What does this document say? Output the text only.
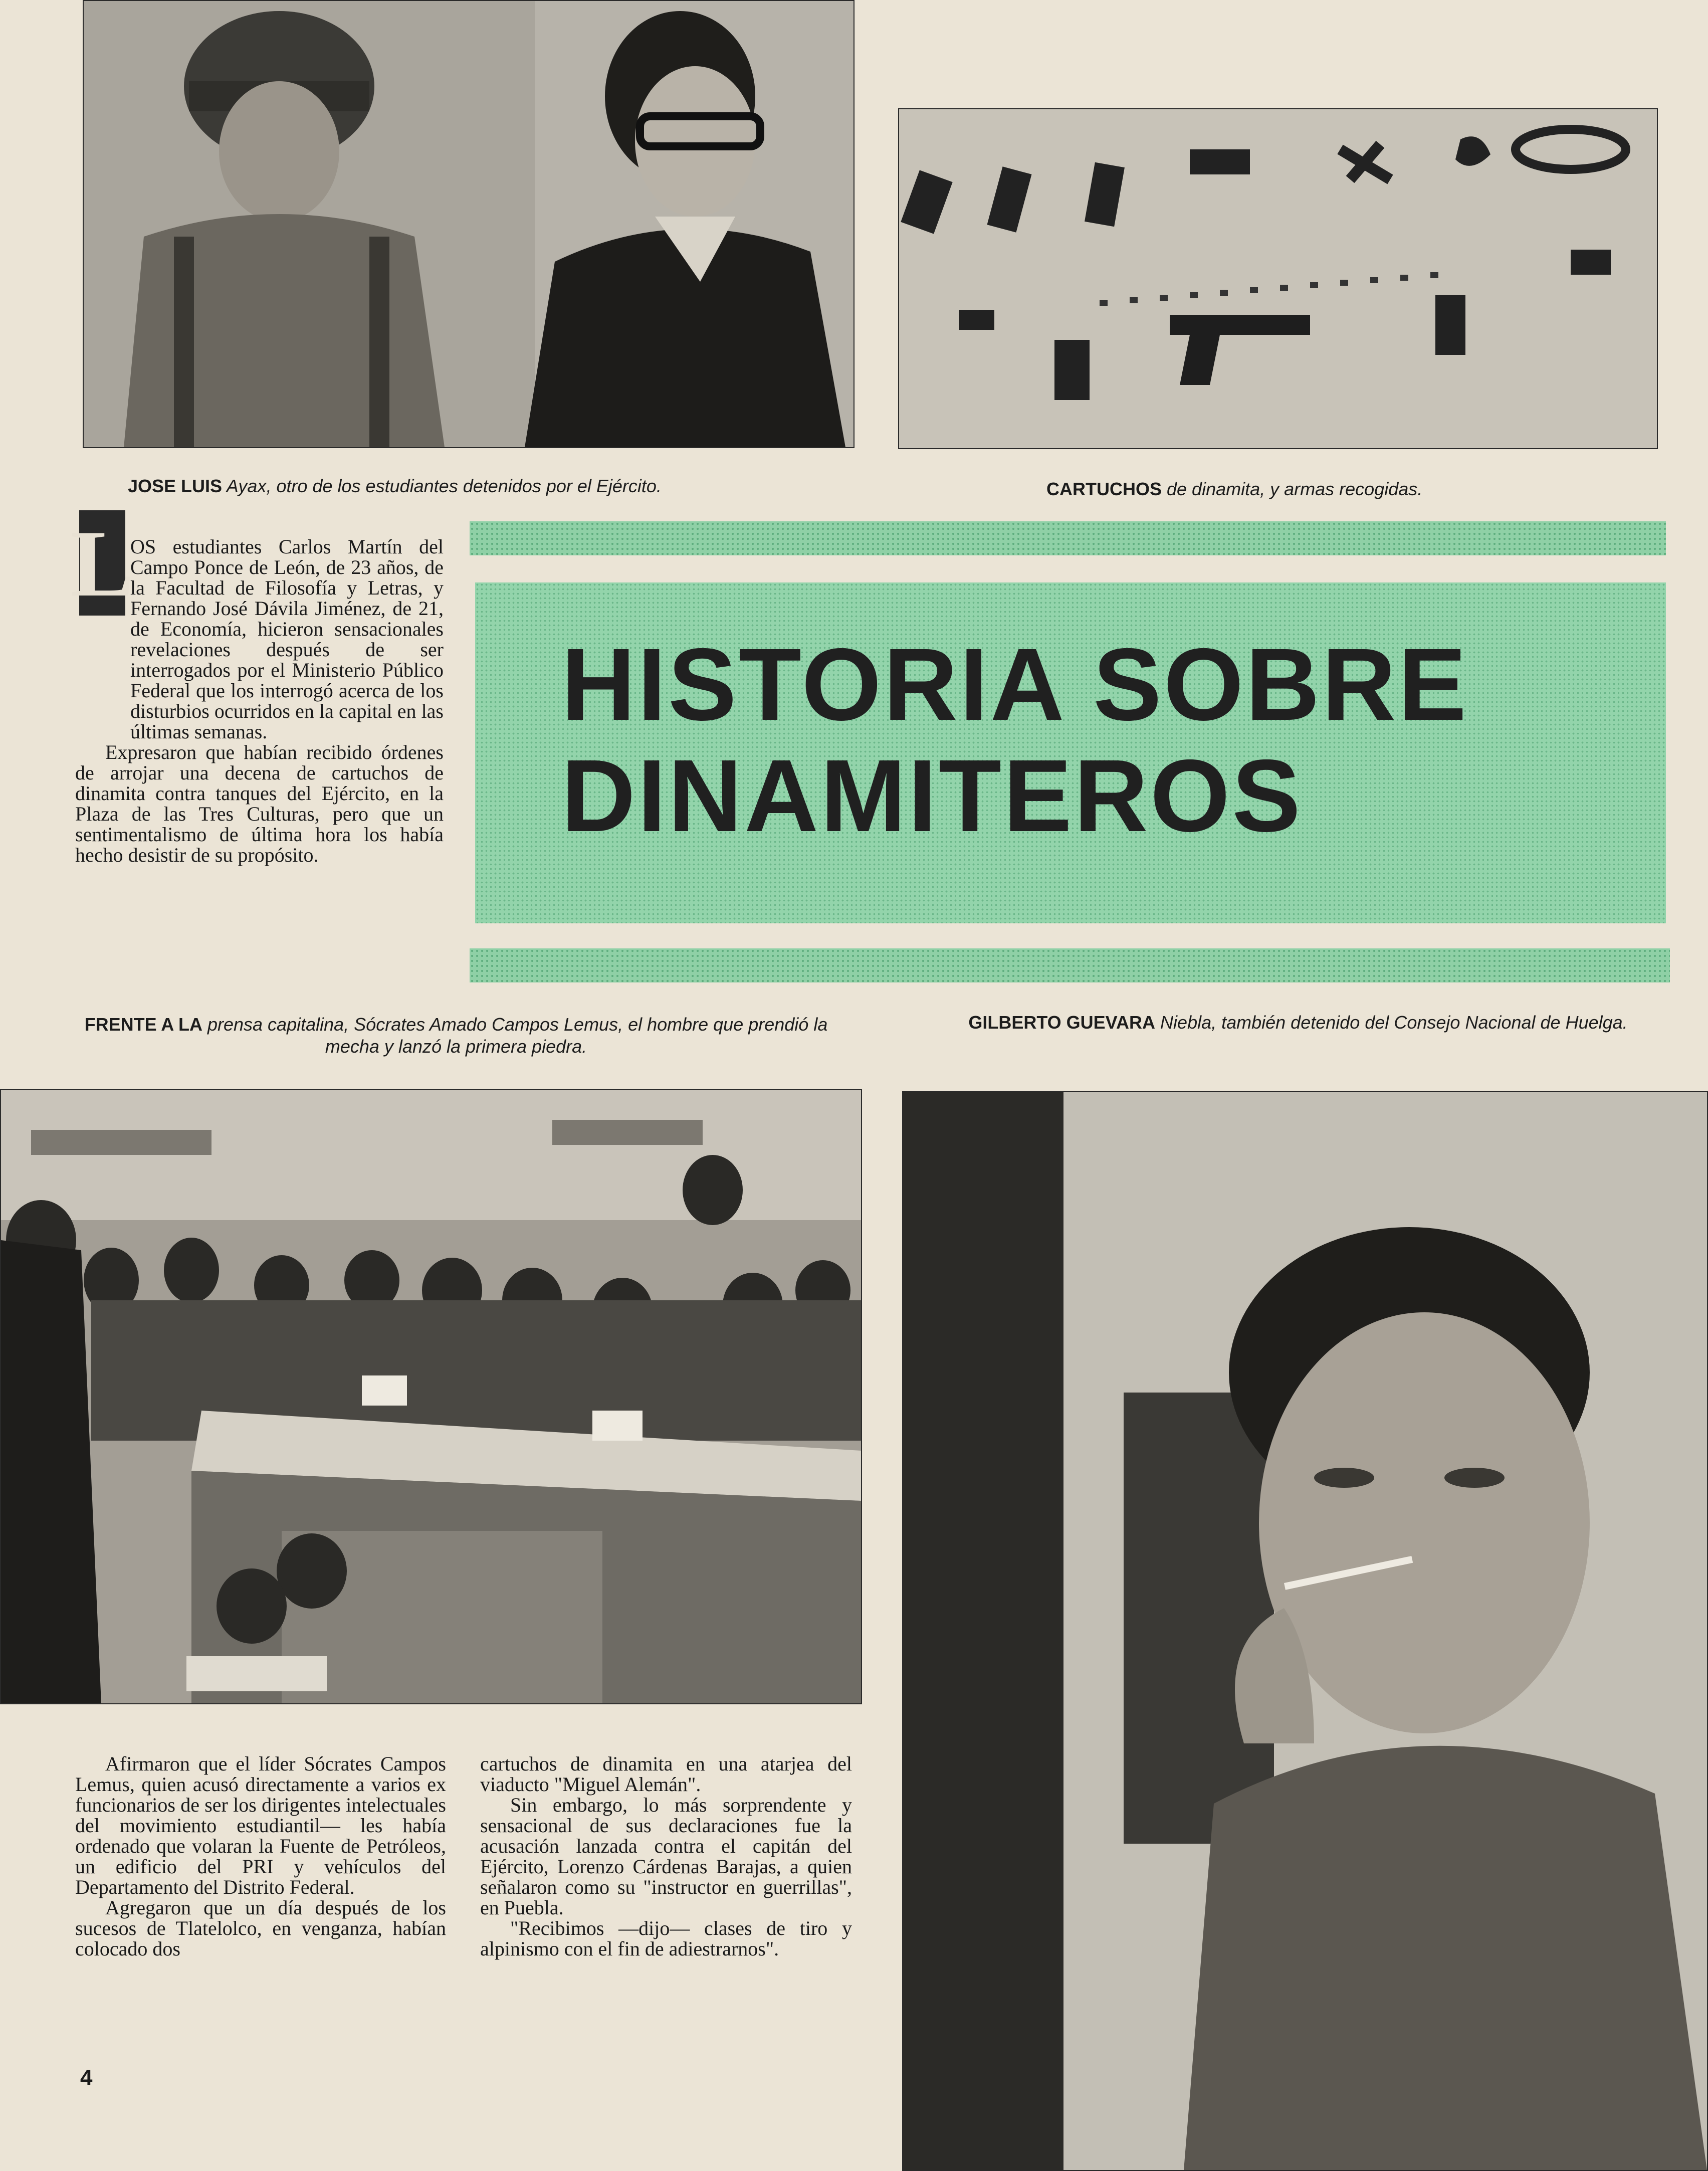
JOSE LUIS Ayax, otro de los estudiantes detenidos por el Ejército.	CARTUCHOS de dinamita, y armas recogidas.
L

OS estudiantes Carlos Martín del Campo Ponce de León, de 23 años, de la Facultad de Filosofía y Letras, y Fernando José Dávila Jiménez, de 21, de Economía, hicieron sensacionales revelaciones después de ser interrogados por el Ministerio Público Federal que los interrogó acerca de los disturbios ocurridos en la capital en las últimas semanas.

Expresaron que habían recibido órdenes de arrojar una decena de cartuchos de dinamita contra tanques del Ejército, en la Plaza de las Tres Culturas, pero que un sentimentalismo de última hora los había hecho desistir de su propósito.

HISTORIA SOBRE
DINAMITEROS
FRENTE A LA prensa capitalina, Sócrates Amado Campos Lemus, el hombre que prendió la mecha y lanzó la primera piedra.
GILBERTO GUEVARA Niebla, también detenido del Consejo Nacional de Huelga.

Afirmaron que el líder Sócrates Campos Lemus, quien acusó directamente a varios ex funcionarios de ser los dirigentes intelectuales del movimiento estudiantil— les había ordenado que volaran la Fuente de Petróleos, un edificio del PRI y vehículos del Departamento del Distrito Federal.

Agregaron que un día después de los sucesos de Tlatelolco, en venganza, habían colocado dos

cartuchos de dinamita en una atarjea del viaducto "Miguel Alemán".

Sin embargo, lo más sorprendente y sensacional de sus declaraciones fue la acusación lanzada contra el capitán del Ejército, Lorenzo Cárdenas Barajas, a quien señalaron como su "instructor en guerrillas", en Puebla.

"Recibimos —dijo— clases de tiro y alpinismo con el fin de adiestrarnos".

4
